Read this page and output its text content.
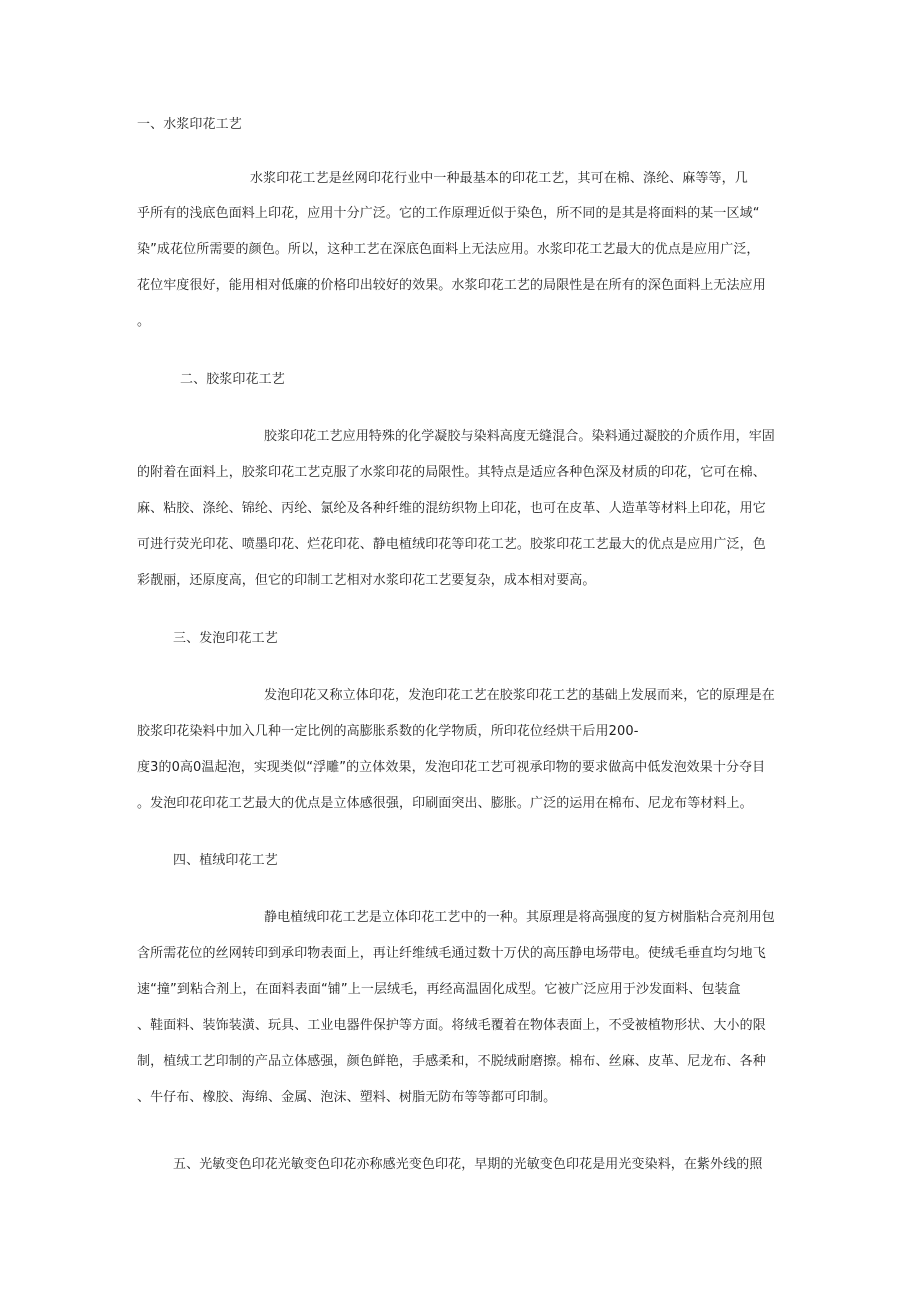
一、水浆印花工艺
水浆印花工艺是丝网印花行业中一种最基本的印花工艺，其可在棉、涤纶、麻等等，几
乎所有的浅底色面料上印花，应用十分广泛。它的工作原理近似于染色，所不同的是其是将面料的某一区域“
染”成花位所需要的颜色。所以，这种工艺在深底色面料上无法应用。水浆印花工艺最大的优点是应用广泛，
花位牢度很好，能用相对低廉的价格印出较好的效果。水浆印花工艺的局限性是在所有的深色面料上无法应用
。
二、胶浆印花工艺
胶浆印花工艺应用特殊的化学凝胶与染料高度无缝混合。染料通过凝胶的介质作用，牢固
的附着在面料上，胶浆印花工艺克服了水浆印花的局限性。其特点是适应各种色深及材质的印花，它可在棉、
麻、粘胶、涤纶、锦纶、丙纶、氯纶及各种纤维的混纺织物上印花，也可在皮革、人造革等材料上印花，用它
可进行荧光印花、喷墨印花、烂花印花、静电植绒印花等印花工艺。胶浆印花工艺最大的优点是应用广泛，色
彩靓丽，还原度高，但它的印制工艺相对水浆印花工艺要复杂，成本相对要高。
三、发泡印花工艺
发泡印花又称立体印花，发泡印花工艺在胶浆印花工艺的基础上发展而来，它的原理是在
胶浆印花染料中加入几种一定比例的高膨胀系数的化学物质，所印花位经烘干后用200-
度3的0高0温起泡，实现类似“浮雕”的立体效果，发泡印花工艺可视承印物的要求做高中低发泡效果十分夺目
。发泡印花印花工艺最大的优点是立体感很强，印刷面突出、膨胀。广泛的运用在棉布、尼龙布等材料上。
四、植绒印花工艺
静电植绒印花工艺是立体印花工艺中的一种。其原理是将高强度的复方树脂粘合亮剂用包
含所需花位的丝网转印到承印物表面上，再让纤维绒毛通过数十万伏的高压静电场带电。使绒毛垂直均匀地飞
速“撞”到粘合剂上，在面料表面“铺”上一层绒毛，再经高温固化成型。它被广泛应用于沙发面料、包装盒
、鞋面料、装饰装潢、玩具、工业电器件保护等方面。将绒毛覆着在物体表面上，不受被植物形状、大小的限
制，植绒工艺印制的产品立体感强，颜色鲜艳，手感柔和，不脱绒耐磨擦。棉布、丝麻、皮革、尼龙布、各种
、牛仔布、橡胶、海绵、金属、泡沫、塑料、树脂无防布等等都可印制。
五、光敏变色印花光敏变色印花亦称感光变色印花，早期的光敏变色印花是用光变染料，在紫外线的照
